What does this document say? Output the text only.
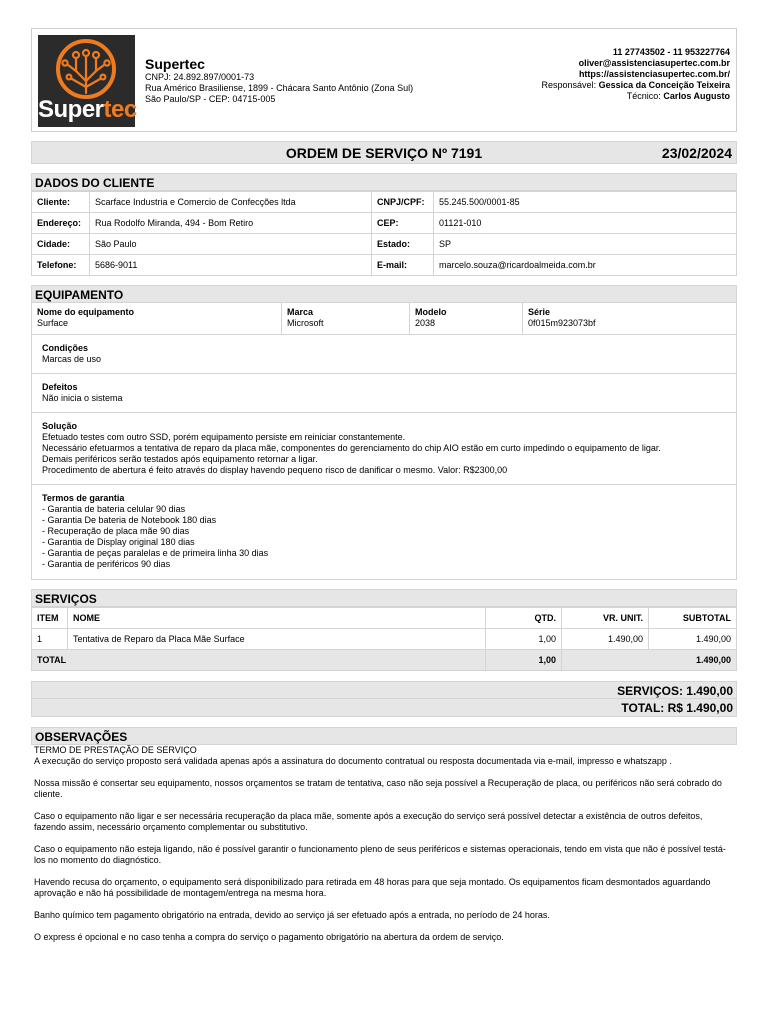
Supertec
Supertec
CNPJ: 24.892.897/0001-73
Rua Américo Brasiliense, 1899 - Chácara Santo Antônio (Zona Sul)
São Paulo/SP - CEP: 04715-005
11 27743502 - 11 953227764
oliver@assistenciasupertec.com.br
https://assistenciasupertec.com.br/
Responsável: Gessica da Conceição Teixeira
Técnico: Carlos Augusto
ORDEM DE SERVIÇO Nº 7191	23/02/2024
DADOS DO CLIENTE
Cliente:	Scarface Industria e Comercio de Confecções ltda	CNPJ/CPF:	55.245.500/0001-85
Endereço:	Rua Rodolfo Miranda, 494 - Bom Retiro	CEP:	01121-010
Cidade:	São Paulo	Estado:	SP
Telefone:	5686-9011	E-mail:	marcelo.souza@ricardoalmeida.com.br
EQUIPAMENTO
Nome do equipamento
Surface
Marca
Microsoft
Modelo
2038
Série
0f015m923073bf
Condições
Marcas de uso
Defeitos
Não inicia o sistema
Solução
Efetuado testes com outro SSD, porém equipamento persiste em reiniciar constantemente.
Necessário efetuarmos a tentativa de reparo da placa mãe, componentes do gerenciamento do chip AIO estão em curto impedindo o equipamento de ligar.
Demais periféricos serão testados após equipamento retornar a ligar.
Procedimento de abertura é feito através do display havendo pequeno risco de danificar o mesmo. Valor: R$2300,00
Termos de garantia
- Garantia de bateria celular 90 dias
- Garantia De bateria de Notebook 180 dias
- Recuperação de placa mãe 90 dias
- Garantia de Display original 180 dias
- Garantia de peças paralelas e de primeira linha 30 dias
- Garantia de periféricos 90 dias
SERVIÇOS
ITEM	NOME	QTD.	VR. UNIT.	SUBTOTAL
1	Tentativa de Reparo da Placa Mãe Surface	1,00	1.490,00	1.490,00
TOTAL		1,00	1.490,00	
SERVIÇOS: 1.490,00
TOTAL: R$ 1.490,00
OBSERVAÇÕES

TERMO DE PRESTAÇÃO DE SERVIÇO

A execução do serviço proposto será validada apenas após a assinatura do documento contratual ou resposta documentada via e-mail, impresso e whatszapp .

Nossa missão é consertar seu equipamento, nossos orçamentos se tratam de tentativa, caso não seja possível a Recuperação de placa, ou periféricos não será cobrado do cliente.

Caso o equipamento não ligar e ser necessária recuperação da placa mãe, somente após a execução do serviço será possível detectar a existência de outros defeitos, fazendo assim, necessário orçamento complementar ou substitutivo.

Caso o equipamento não esteja ligando, não é possível garantir o funcionamento pleno de seus periféricos e sistemas operacionais, tendo em vista que não é possível testá-los no momento do diagnóstico.

Havendo recusa do orçamento, o equipamento será disponibilizado para retirada em 48 horas para que seja montado. Os equipamentos ficam desmontados aguardando aprovação e não há possibilidade de montagem/entrega na mesma hora.

Banho químico tem pagamento obrigatório na entrada, devido ao serviço já ser efetuado após a entrada, no período de 24 horas.

O express é opcional e no caso tenha a compra do serviço o pagamento obrigatório na abertura da ordem de serviço.
